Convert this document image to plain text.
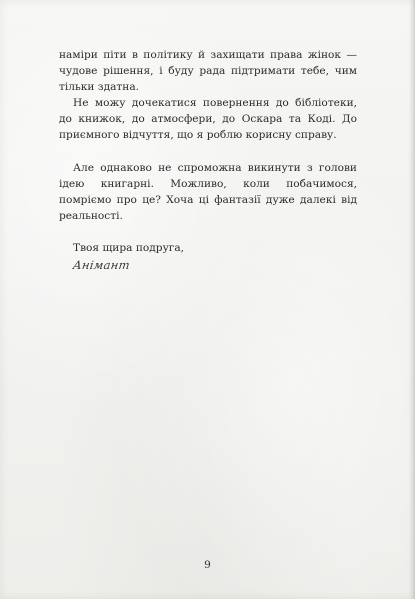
наміри піти в політику й захищати права жінок — чудове рішення, і буду рада підтримати тебе, чим тільки здатна.

Не можу дочекатися повернення до бібліотеки, до книжок, до атмосфери, до Оскара та Коді. До приємного відчуття, що я роблю корисну справу.

Але однаково не спроможна викинути з голови ідею книгарні. Можливо, коли побачимося, помріємо про це? Хоча ці фантазії дуже далекі від реальності.

Твоя щира подруга,

Анімант

9
